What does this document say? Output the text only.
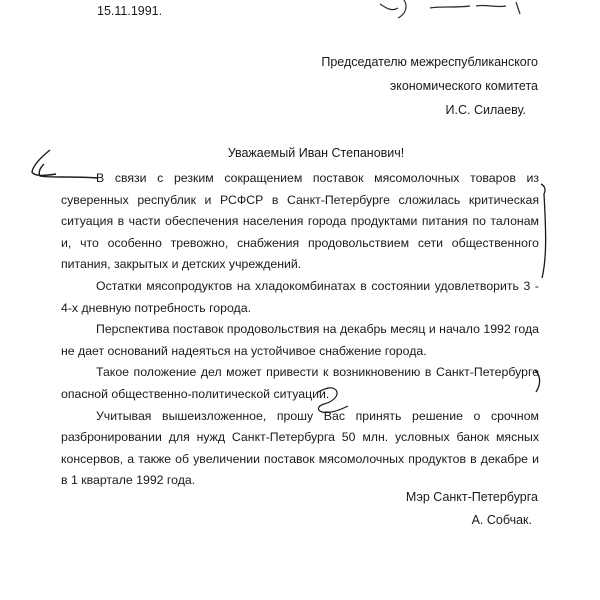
15.11.1991.
Председателю межреспубликанского
экономического комитета
И.С. Силаеву.
Уважаемый Иван Степанович!

В связи с резким сокращением поставок мясомолочных товаров из суверенных республик и РСФСР в Санкт-Петербурге сложилась критическая ситуация в части обеспечения населения города продуктами питания по талонам и, что особенно тревожно, снабжения продовольствием сети общественного питания, закрытых и детских учреждений.

Остатки мясопродуктов на хладокомбинатах в состоянии удовлетворить 3 - 4-х дневную потребность города.

Перспектива поставок продовольствия на декабрь месяц и начало 1992 года не дает оснований надеяться на устойчивое снабжение города.

Такое положение дел может привести к возникновению в Санкт-Петербурге опасной общественно-политической ситуации.

Учитывая вышеизложенное, прошу Вас принять решение о срочном разбронировании для нужд Санкт-Петербурга 50 млн. условных банок мясных консервов, а также об увеличении поставок мясомолочных продуктов в декабре и в 1 квартале 1992 года.

Мэр Санкт-Петербурга
А. Собчак.
